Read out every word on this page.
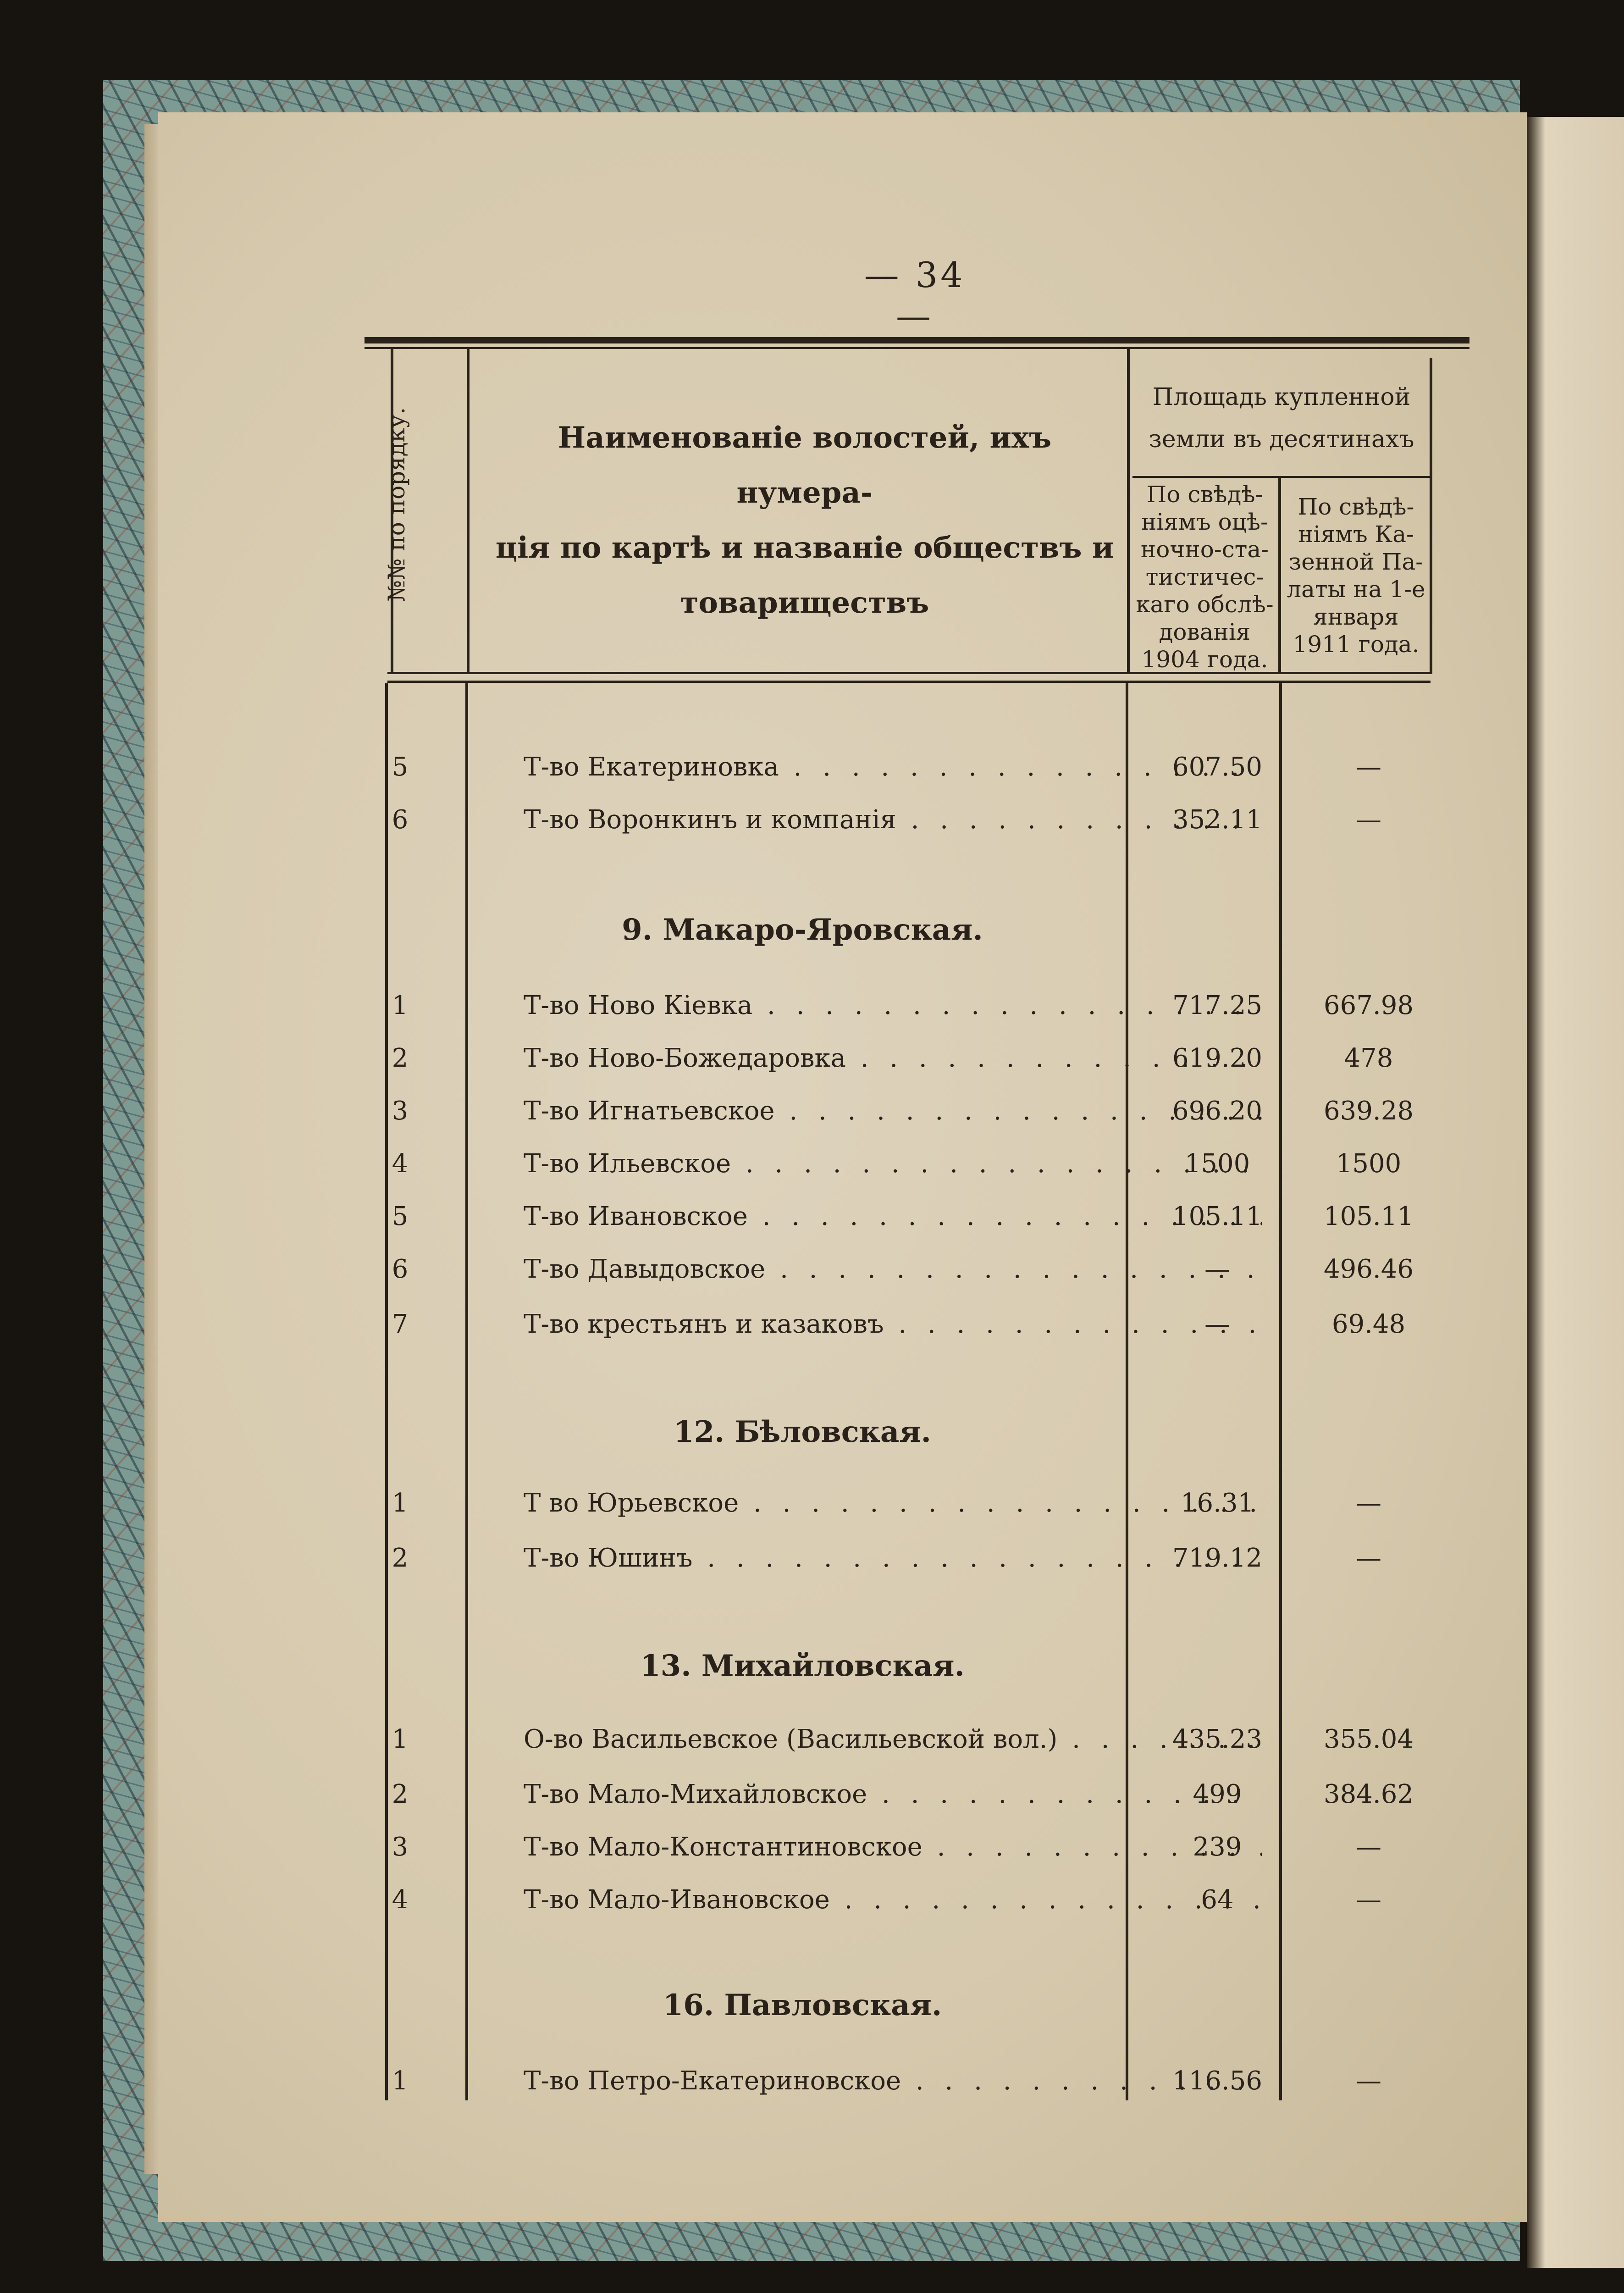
— 34 —
№№ по порядку.	Наименованіе волостей, ихъ нумера-
ція по картѣ и названіе обществъ и
товариществъ
Площадь купленной
земли въ десятинахъ
По свѣдѣ-
ніямъ оцѣ-
ночно-ста-
тистичес-
каго обслѣ-
дованія
1904 года.
По свѣдѣ-
ніямъ Ка-
зенной Па-
латы на 1-е
января
1911 года.
5	Т-во Екатериновка . . .	607.50	—
6	Т-во Воронкинъ и компанія . . .	352.11	—
9. Макаро-Яровская.
1	Т-во Ново Кіевка . . .	717.25	667.98
2	Т-во Ново-Божедаровка . . .	619.20	478
3	Т-во Игнатьевское . . .	696.20	639.28
4	Т-во Ильевское . . .	1500	1500
5	Т-во Ивановское . . .	105.11	105.11
6	Т-во Давыдовское . . .	—	496.46
7	Т-во крестьянъ и казаковъ . . .	—	69.48
12. Бѣловская.
1	Т во Юрьевское . . .	16.31	—
2	Т-во Юшинъ . . .	719.12	—
13. Михайловская.
1	О-во Васильевское (Васильевской вол.) . . .	435.23	355.04
2	Т-во Мало-Михайловское . . .	499	384.62
3	Т-во Мало-Константиновское . . .	239	—
4	Т-во Мало-Ивановское . . .	64	—
16. Павловская.
1	Т-во Петро-Екатериновское . . .	116.56	—
